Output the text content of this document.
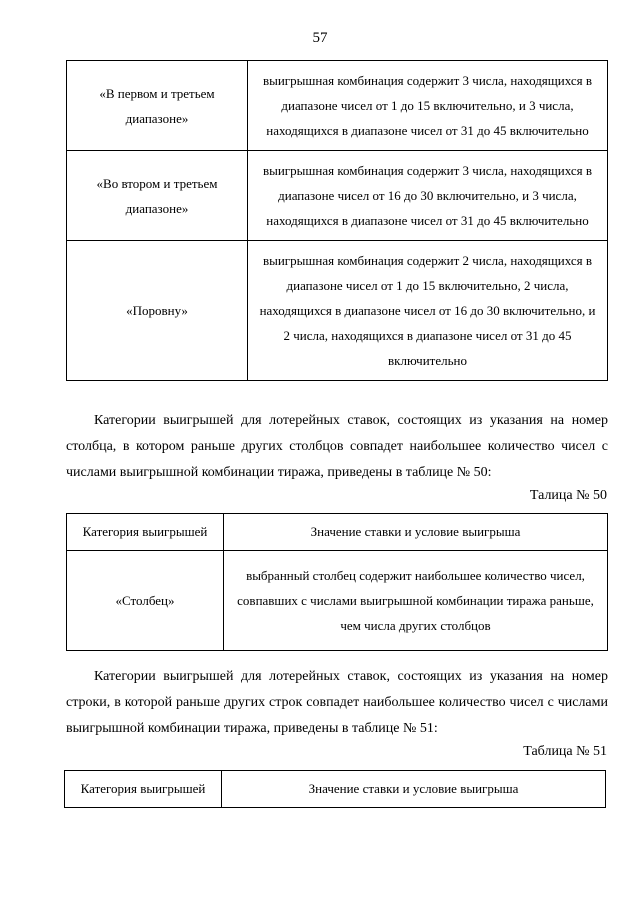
57
«В первом и третьем диапазоне»	выигрышная комбинация содержит 3 числа, находящихся в диапазоне чисел от 1 до 15 включительно, и 3 числа, находящихся в диапазоне чисел от 31 до 45 включительно
«Во втором и третьем диапазоне»	выигрышная комбинация содержит 3 числа, находящихся в диапазоне чисел от 16 до 30 включительно, и 3 числа, находящихся в диапазоне чисел от 31 до 45 включительно
«Поровну»	выигрышная комбинация содержит 2 числа, находящихся в диапазоне чисел от 1 до 15 включительно, 2 числа, находящихся в диапазоне чисел от 16 до 30 включительно, и 2 числа, находящихся в диапазоне чисел от 31 до 45 включительно

Категории выигрышей для лотерейных ставок, состоящих из указания на номер столбца, в котором раньше других столбцов совпадет наибольшее количество чисел с числами выигрышной комбинации тиража, приведены в таблице № 50:

Талица № 50
Категория выигрышей	Значение ставки и условие выигрыша
«Столбец»	выбранный столбец содержит наибольшее количество чисел, совпавших с числами выигрышной комбинации тиража раньше, чем числа других столбцов

Категории выигрышей для лотерейных ставок, состоящих из указания на номер строки, в которой раньше других строк совпадет наибольшее количество чисел с числами выигрышной комбинации тиража, приведены в таблице № 51:

Таблица № 51
Категория выигрышей	Значение ставки и условие выигрыша
